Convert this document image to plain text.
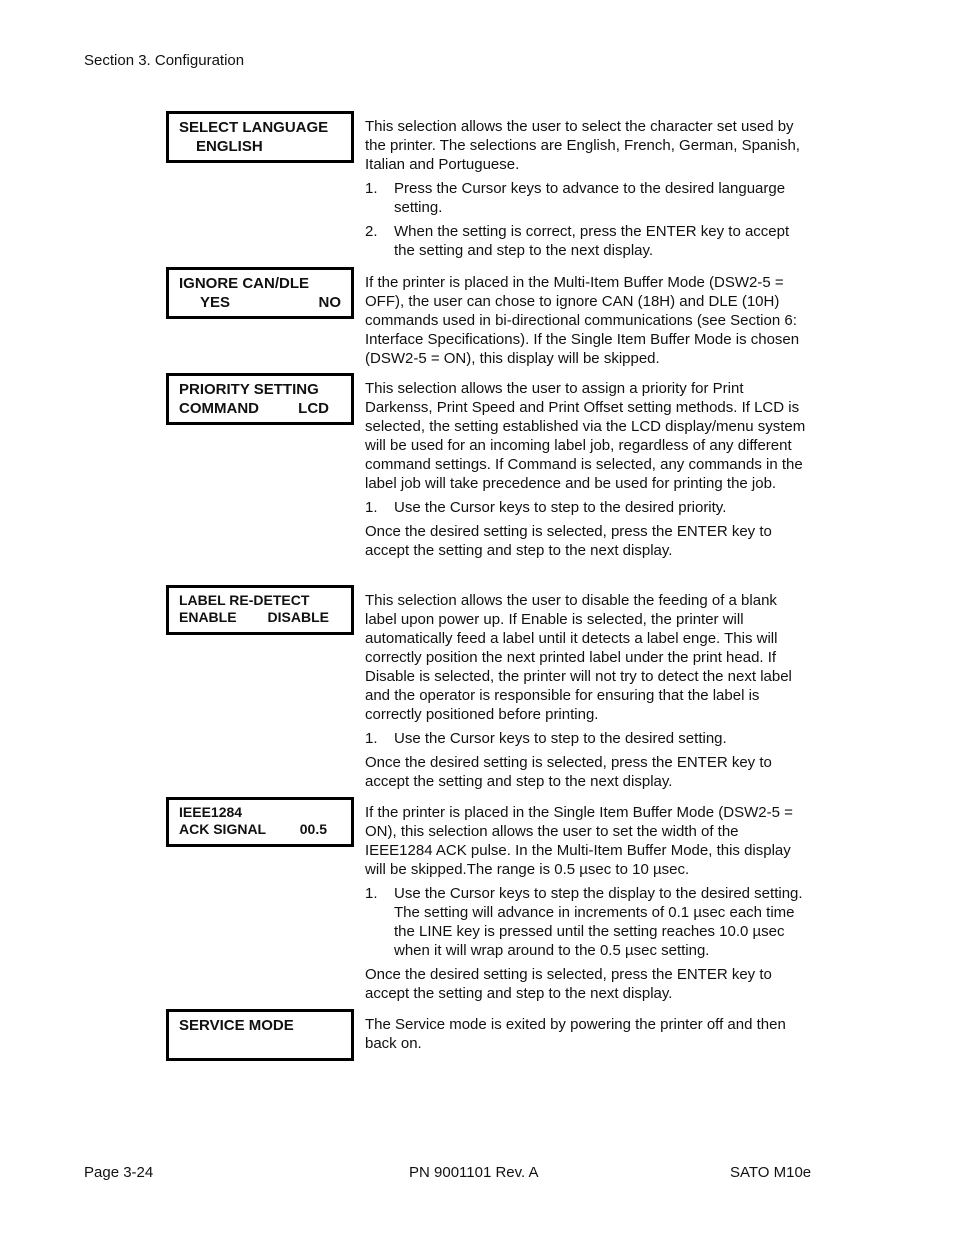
Section 3. Configuration
SELECT LANGUAGE
ENGLISH

This selection allows the user to select the character set used by the printer. The selections are English, French, German, Spanish, Italian and Portuguese.

1. Press the Cursor keys to advance to the desired languarge setting.
2. When the setting is correct, press the ENTER key to accept the setting and step to the next display.
IGNORE CAN/DLE
YES	NO

If the printer is placed in the Multi-Item Buffer Mode (DSW2-5 = OFF), the user can chose to ignore CAN (18H) and DLE (10H) commands used in bi-directional communications (see Section 6: Interface Specifications). If the Single Item Buffer Mode is chosen (DSW2-5 = ON), this display will be skipped.

PRIORITY SETTING
COMMAND	LCD

This selection allows the user to assign a priority for Print Darkenss, Print Speed and Print Offset setting methods. If LCD is selected, the setting established via the LCD display/menu system will be used for an incoming label job, regardless of any different command settings. If Command is selected, any commands in the label job will take precedence and be used for printing the job.

1. Use the Cursor keys to step to the desired priority.

Once the desired setting is selected, press the ENTER key to accept the setting and step to the next display.

LABEL RE-DETECT
ENABLE DISABLE

This selection allows the user to disable the feeding of a blank label upon power up. If Enable is selected, the printer will automatically feed a label until it detects a label enge. This will correctly position the next printed label under the print head. If Disable is selected, the printer will not try to detect the next label and the operator is responsible for ensuring that the label is correctly positioned before printing.

1. Use the Cursor keys to step to the desired setting.

Once the desired setting is selected, press the ENTER key to accept the setting and step to the next display.

IEEE1284
ACK SIGNAL 00.5

If the printer is placed in the Single Item Buffer Mode (DSW2-5 = ON), this selection allows the user to set the width of the IEEE1284 ACK pulse. In the Multi-Item Buffer Mode, this display will be skipped.The range is 0.5 µsec to 10 µsec.

1. Use the Cursor keys to step the display to the desired setting. The setting will advance in increments of 0.1 µsec each time the LINE key is pressed until the setting reaches 10.0 µsec when it will wrap around to the 0.5 µsec setting.

Once the desired setting is selected, press the ENTER key to accept the setting and step to the next display.

SERVICE MODE	The Service mode is exited by powering the printer off and then back on.

Page 3-24	PN 9001101 Rev. A	SATO M10e
